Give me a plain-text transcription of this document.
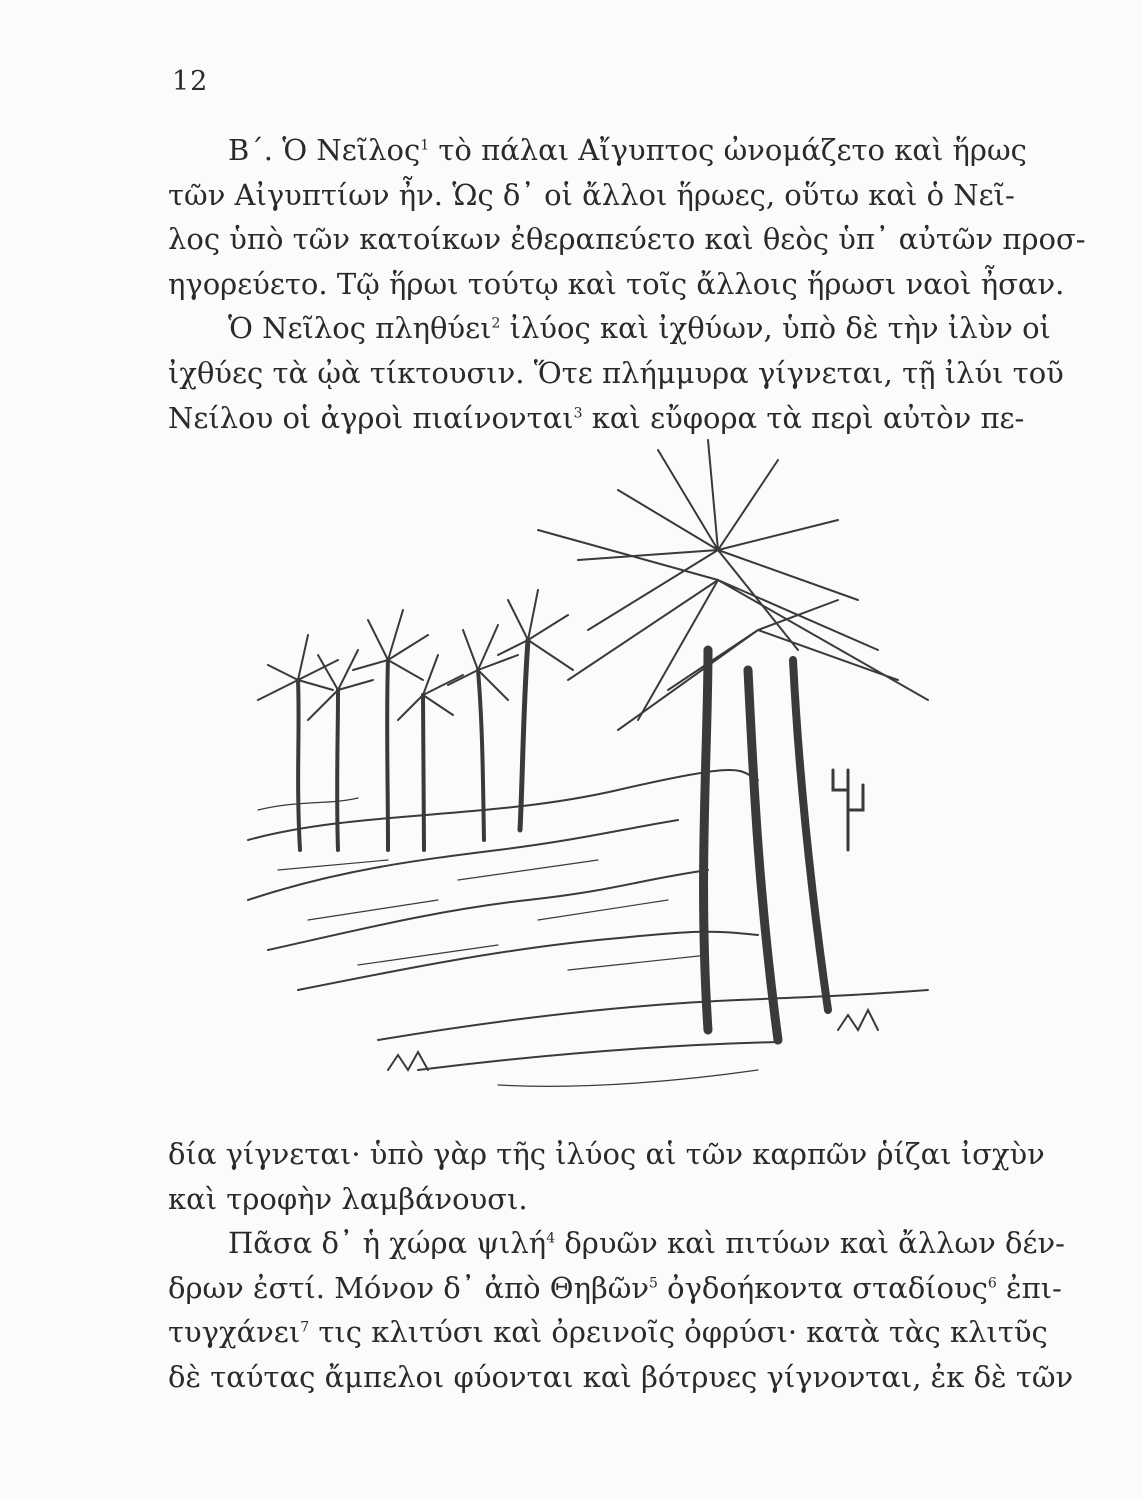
12
Β΄. Ὁ Νεῖλος$^1$ τὸ πάλαι Αἴγυπτος ὠνομάζετο καὶ ἥρως
τῶν Αἰγυπτίων ἦν. Ὡς δ᾽ οἱ ἄλλοι ἥρωες, οὕτω καὶ ὁ Νεῖ-
λος ὑπὸ τῶν κατοίκων ἐθεραπεύετο καὶ θεὸς ὑπ᾽ αὐτῶν προσ-
ηγορεύετο. Τῷ ἥρωι τούτῳ καὶ τοῖς ἄλλοις ἥρωσι ναοὶ ἦσαν.
Ὁ Νεῖλος πληθύει$^2$ ἰλύος καὶ ἰχθύων, ὑπὸ δὲ τὴν ἰλὺν οἱ
ἰχθύες τὰ ᾠὰ τίκτουσιν. Ὅτε πλήμμυρα γίγνεται, τῇ ἰλύι τοῦ
Νείλου οἱ ἀγροὶ πιαίνονται$^3$ καὶ εὔφορα τὰ περὶ αὐτὸν πε-
δία γίγνεται· ὑπὸ γὰρ τῆς ἰλύος αἱ τῶν καρπῶν ῥίζαι ἰσχὺν
καὶ τροφὴν λαμβάνουσι.
Πᾶσα δ᾽ ἡ χώρα ψιλή$^4$ δρυῶν καὶ πιτύων καὶ ἄλλων δέν-
δρων ἐστί. Μόνον δ᾽ ἀπὸ Θηβῶν$^5$ ὀγδοήκοντα σταδίους$^6$ ἐπι-
τυγχάνει$^7$ τις κλιτύσι καὶ ὀρεινοῖς ὀφρύσι· κατὰ τὰς κλιτῦς
δὲ ταύτας ἄμπελοι φύονται καὶ βότρυες γίγνονται, ἐκ δὲ τῶν
